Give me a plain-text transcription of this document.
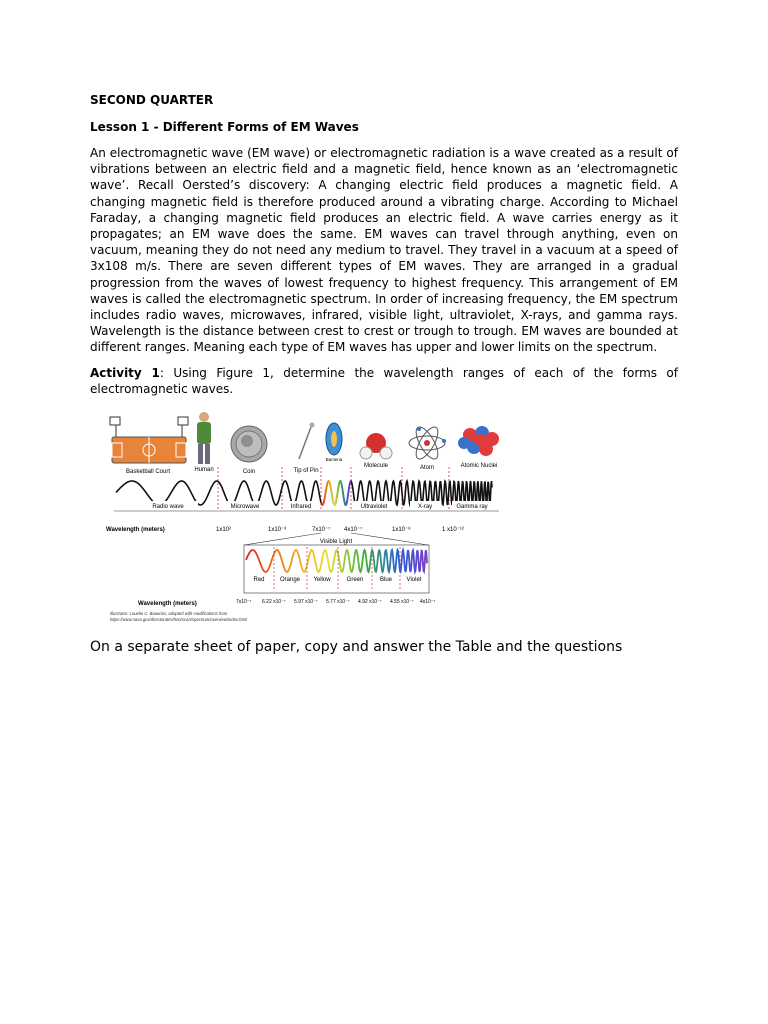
SECOND QUARTER

Lesson 1 - Different Forms of EM Waves

An electromagnetic wave (EM wave) or electromagnetic radiation is a wave created as a result of vibrations between an electric field and a magnetic field, hence known as an ‘electromagnetic wave’. Recall Oersted’s discovery: A changing electric field produces a magnetic field. A changing magnetic field is therefore produced around a vibrating charge. According to Michael Faraday, a changing magnetic field produces an electric field. A wave carries energy as it propagates; an EM wave does the same. EM waves can travel through anything, even on vacuum, meaning they do not need any medium to travel. They travel in a vacuum at a speed of 3x108 m/s. There are seven different types of EM waves. They are arranged in a gradual progression from the waves of lowest frequency to highest frequency. This arrangement of EM waves is called the electromagnetic spectrum. In order of increasing frequency, the EM spectrum includes radio waves, microwaves, infrared, visible light, ultraviolet, X-rays, and gamma rays. Wavelength is the distance between crest to crest or trough to trough. EM waves are bounded at different ranges. Meaning each type of EM waves has upper and lower limits on the spectrum.

Activity 1: Using Figure 1, determine the wavelength ranges of each of the forms of electromagnetic waves.

Basketball Court	Human	Coin	Tip of Pin
Bacteria
Molecule	Atom	Atomic Nuclei
Radio wave	Microwave	Infrared	Ultraviolet	X-ray	Gamma ray
Wavelength (meters)	1x10²	1x10⁻³	7x10⁻⁷ 4x10⁻⁷	1x10⁻⁸	1 x10⁻¹²
Visible Light
Red	Orange Yellow	Green	Blue Violet
Wavelength (meters)	7x10⁻⁷ 6.22 x10⁻⁷ 5.97 x10⁻⁷ 5.77 x10⁻⁷ 4.92 x10⁻⁷ 4.55 x10⁻⁷ 4x10⁻⁷
Illustrator: Louella C. Bauerias, adapted with modifications from
https://www.nasa.gov/directorates/heo/scan/spectrum/overview/index.html

On a separate sheet of paper, copy and answer the Table and the questions
